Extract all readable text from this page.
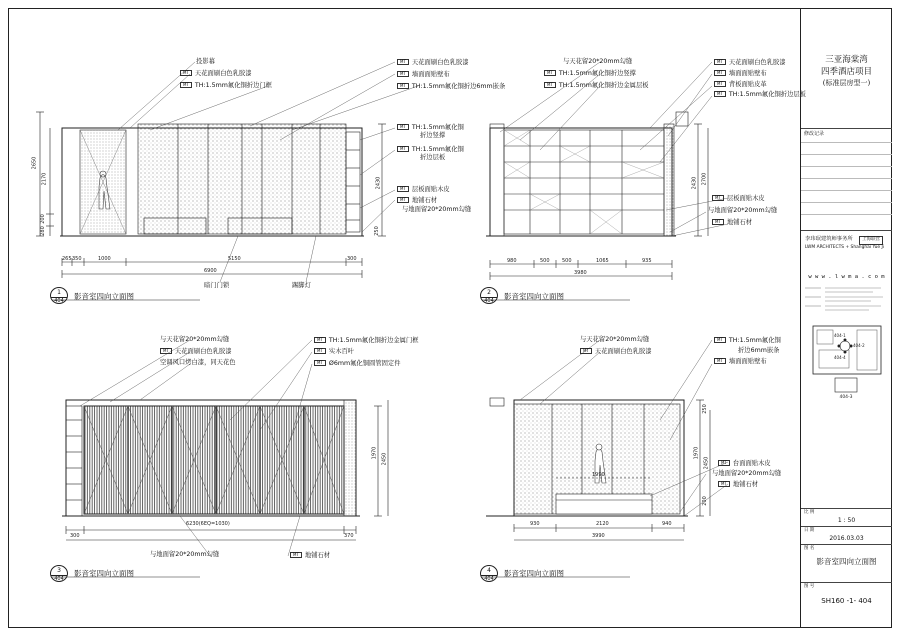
投影幕
MT 天花面刷白色乳胶漆
MT TH:1.5mm氟化铜折边门框
MT 天花面刷白色乳胶漆
MT 墙面面贴壁布
MT TH:1.5mm氟化铜折边6mm嵌条
MT TH:1.5mm氟化铜
折边竖撑
MT TH:1.5mm氟化铜
折边层板
MT 层板面贴木皮
MT 地铺石材
与地面留20*20mm勾缝
暗门门锁	踢脚灯
265 350	1000	5150	300
6900
2650
2170
280
200
2430
250
1
404	影音室四向立面图
与天花留20*20mm勾缝
MT TH:1.5mm氟化铜折边竖撑
MT TH:1.5mm氟化铜折边金属层板
MT 天花面刷白色乳胶漆
MT 墙面面贴壁布
MT 背板面贴皮革
MT TH:1.5mm氟化铜折边层板
MT 层板面贴木皮
与地面留20*20mm勾缝
MT 地铺石材
980	500 500	1065	935
3980
2430 2700
2
404	影音室四向立面图
与天花留20*20mm勾缝
MT 天花面刷白色乳胶漆
空调风口烤白漆，同天花色
MT TH:1.5mm氟化铜折边金属门框
MT 实木百叶
MT Ø6mm氟化铜圆管固定件
与地面留20*20mm勾缝	MT 地铺石材
300	370
6230(6EQ=1030)
1970 2450
3
404
影音室四向立面图
与天花留20*20mm勾缝
MT 天花面刷白色乳胶漆
MT TH:1.5mm氟化铜
折边6mm嵌条
MT 墙面面贴壁布
MT 台面面贴木皮
与地面留20*20mm勾缝
MT 地铺石材
930	2120	940
3990
1990
1970
2450
250
200
4
404
影音室四向立面图
三亚海棠湾
四季酒店项目
(标准层房型一)
修改记录
李玮珉建筑师事务所	上海联营
LWM ARCHITECTS + Shanghai Yue Ji
w w w . l w m a . c o m
404-1
404-2
404-4
404-3
比 例
1 : 50
日 期
2016.03.03
图 名
影音室四向立面图
图 号
SH160 -1- 404
